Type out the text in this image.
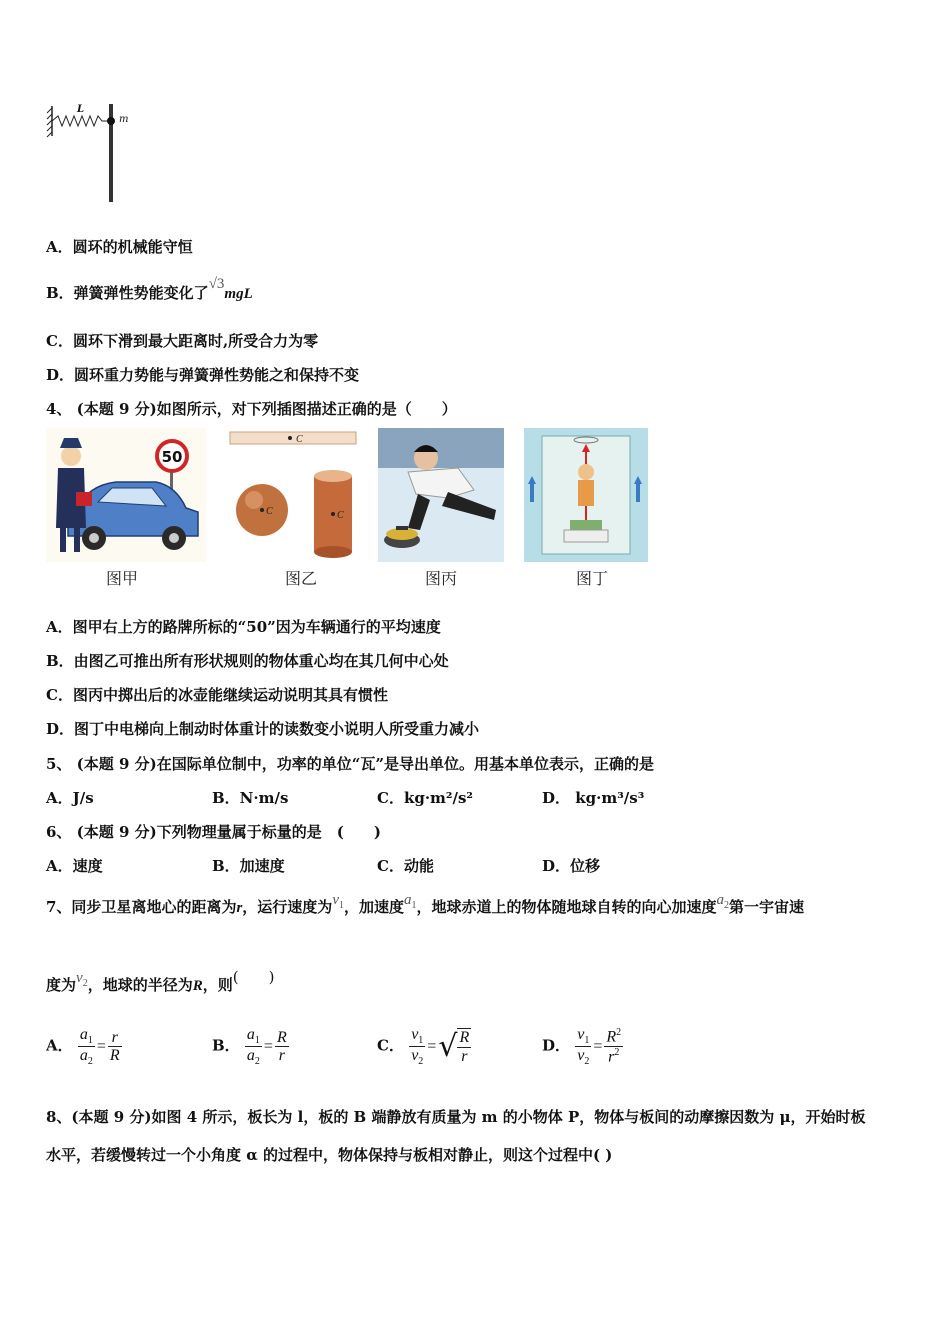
L
m
A．圆环的机械能守恒
B．弹簧弹性势能变化了√3mgL
C．圆环下滑到最大距离时,所受合力为零
D．圆环重力势能与弹簧弹性势能之和保持不变
4、 (本题 9 分)如图所示，对下列插图描述正确的是（　　）
50
图甲
C
C	C
图乙	图丙	图丁
A．图甲右上方的路牌所标的“50”因为车辆通行的平均速度
B．由图乙可推出所有形状规则的物体重心均在其几何中心处
C．图丙中掷出后的冰壶能继续运动说明其具有惯性
D．图丁中电梯向上制动时体重计的读数变小说明人所受重力减小
5、 (本题 9 分)在国际单位制中，功率的单位“瓦”是导出单位。用基本单位表示，正确的是
A．J/s	B．N·m/s	C．kg·m²/s²	D． kg·m³/s³
6、 (本题 9 分)下列物理量属于标量的是　(　　)
A．速度	B．加速度	C．动能	D．位移
7、同步卫星离地心的距离为r，运行速度为$v_1$，加速度$a_1$，地球赤道上的物体随地球自转的向心加速度$a_2$第一宇宙速
度为$v_2$，地球的半径为R，则(　　)
A． $\frac{a_1}{a_2} = \frac{r}{R}$	B． $\frac{a_1}{a_2} = \frac{R}{r}$	C． $\frac{v_1}{v_2}$ =√ $\frac{R}{r}$	D． $\frac{v_1}{v_2} = \frac{R^2}{r^2}$
8、(本题 9 分)如图 4 所示，板长为 l，板的 B 端静放有质量为 m 的小物体 P，物体与板间的动摩擦因数为 μ，开始时板
水平，若缓慢转过一个小角度 α 的过程中，物体保持与板相对静止，则这个过程中( )
